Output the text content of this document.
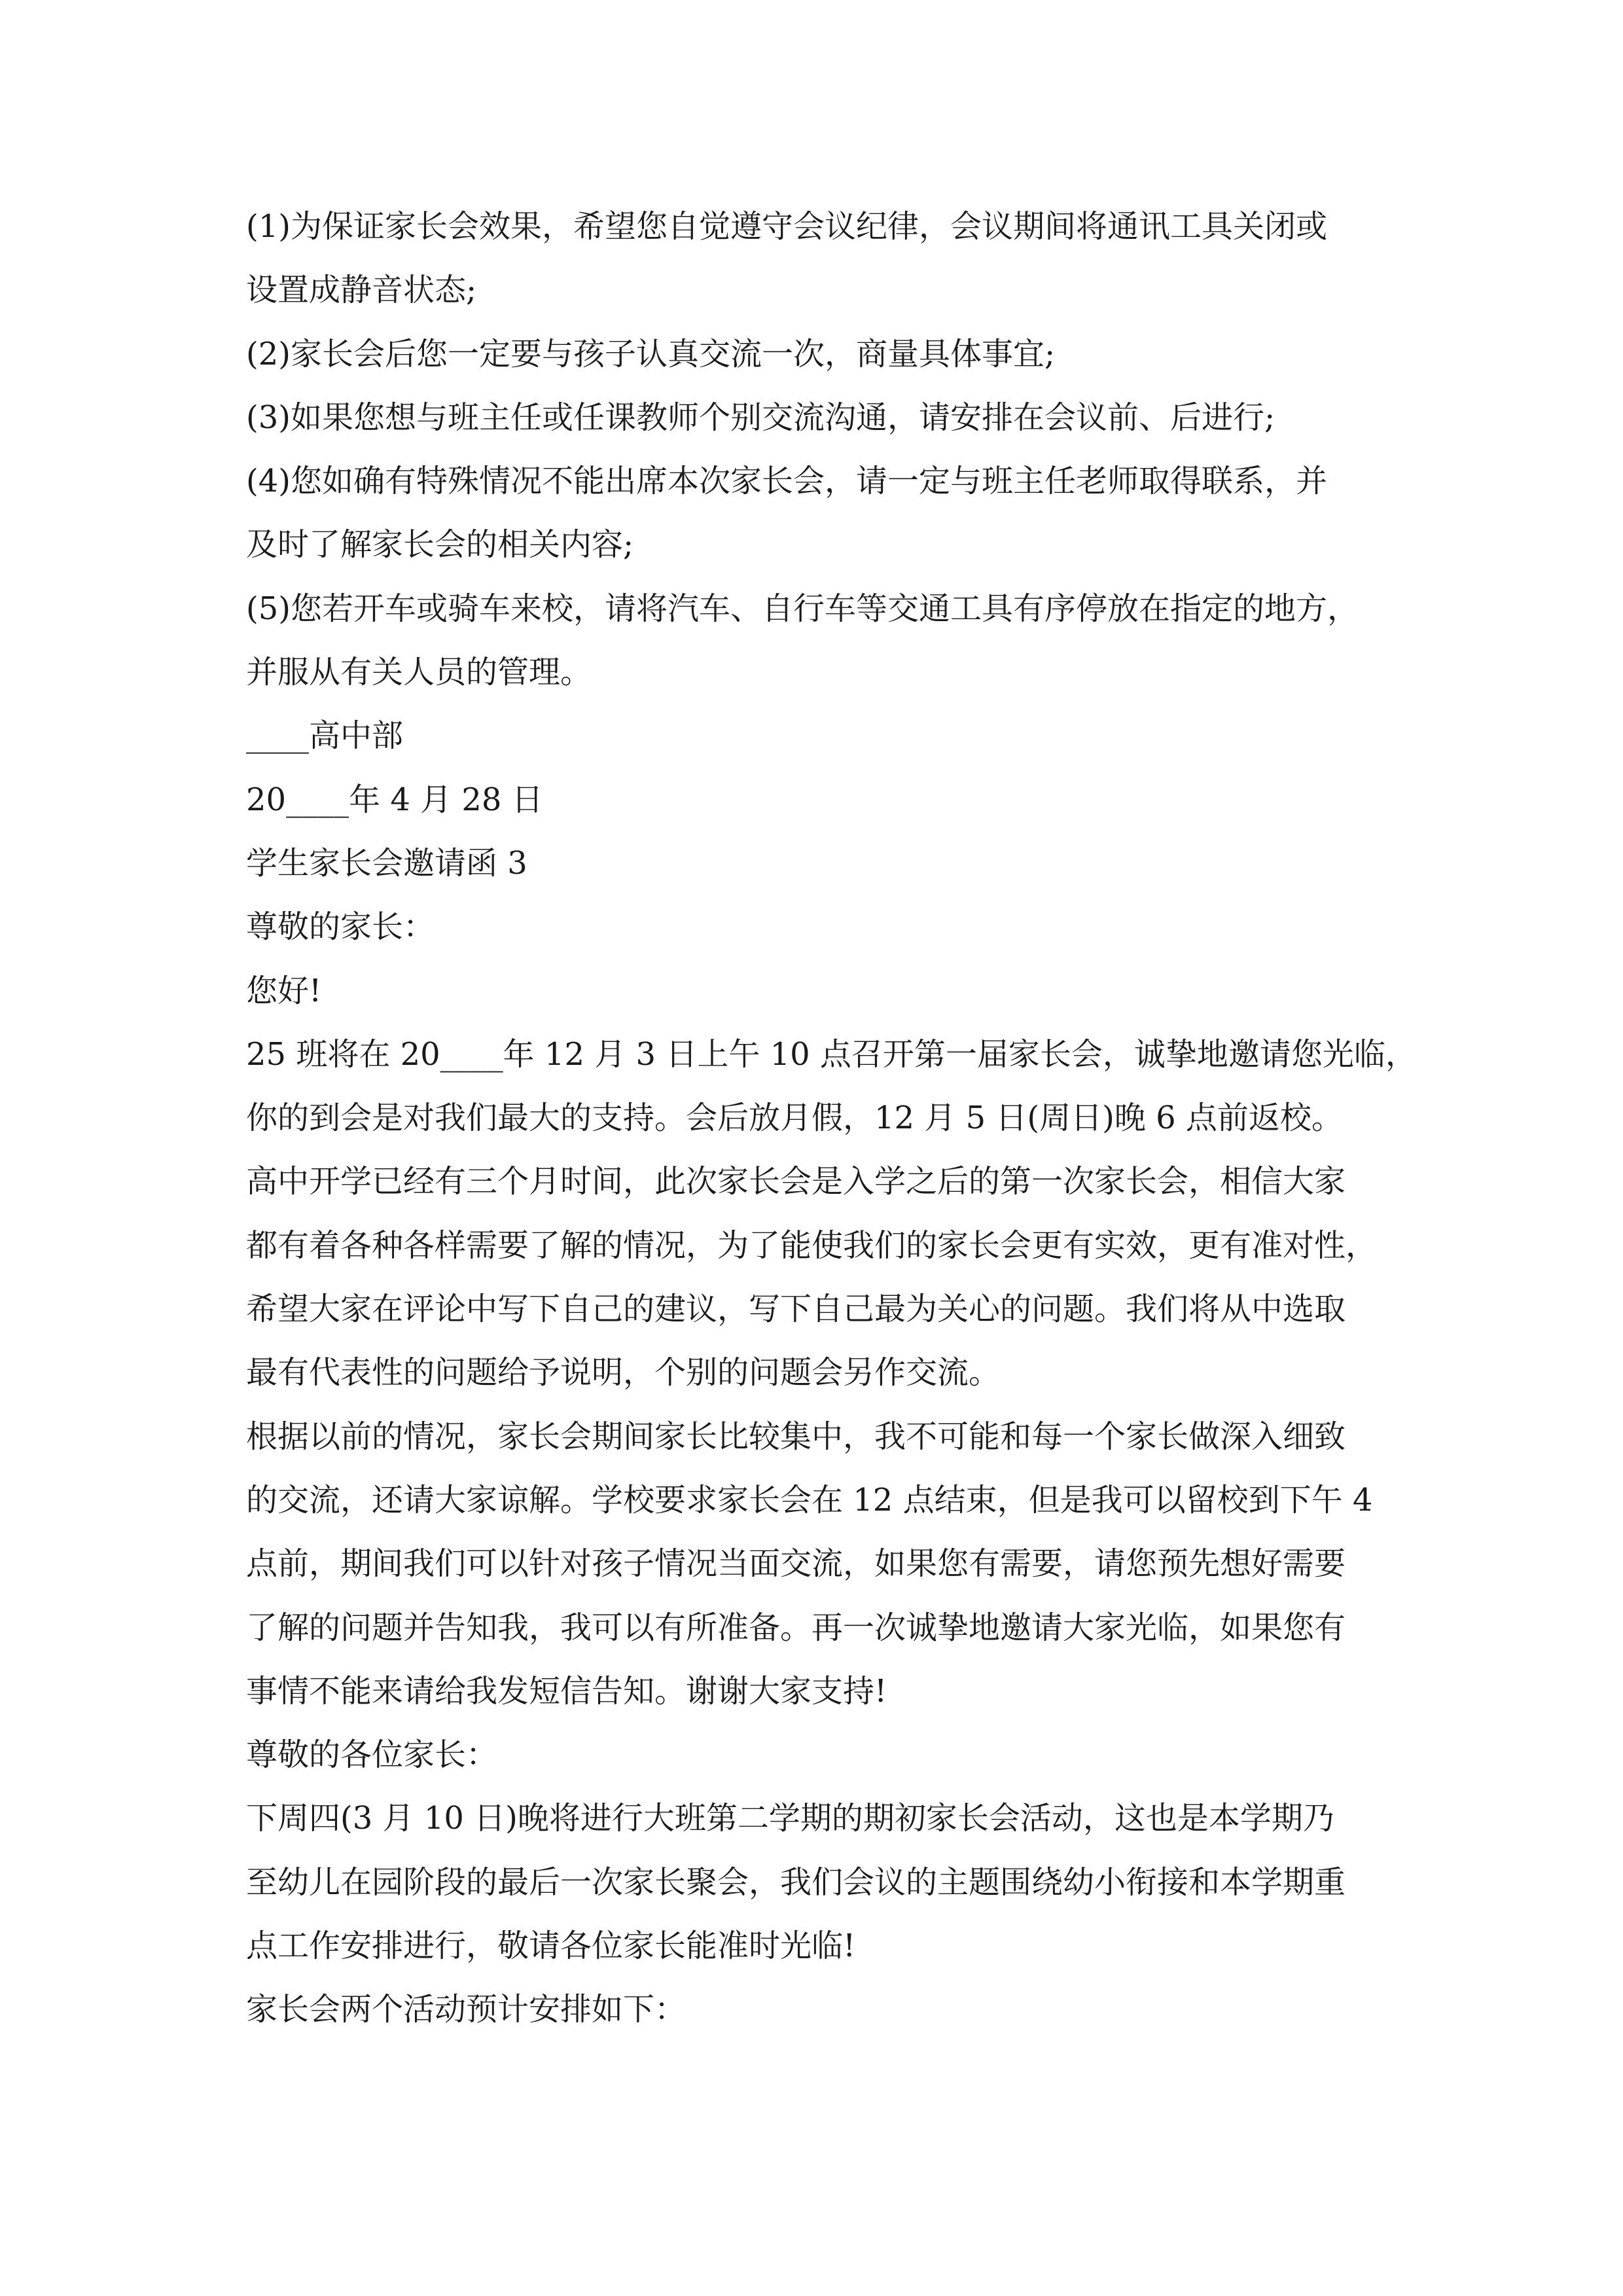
(1)为保证家长会效果，希望您自觉遵守会议纪律，会议期间将通讯工具关闭或
设置成静音状态;
(2)家长会后您一定要与孩子认真交流一次，商量具体事宜;
(3)如果您想与班主任或任课教师个别交流沟通，请安排在会议前、后进行;
(4)您如确有特殊情况不能出席本次家长会，请一定与班主任老师取得联系，并
及时了解家长会的相关内容;
(5)您若开车或骑车来校，请将汽车、自行车等交通工具有序停放在指定的地方，
并服从有关人员的管理。
____高中部
20____年 4 月 28 日
学生家长会邀请函 3
尊敬的家长：
您好!
25 班将在 20____年 12 月 3 日上午 10 点召开第一届家长会，诚挚地邀请您光临，
你的到会是对我们最大的支持。会后放月假，12 月 5 日(周日)晚 6 点前返校。
高中开学已经有三个月时间，此次家长会是入学之后的第一次家长会，相信大家
都有着各种各样需要了解的情况，为了能使我们的家长会更有实效，更有准对性，
希望大家在评论中写下自己的建议，写下自己最为关心的问题。我们将从中选取
最有代表性的问题给予说明，个别的问题会另作交流。
根据以前的情况，家长会期间家长比较集中，我不可能和每一个家长做深入细致
的交流，还请大家谅解。学校要求家长会在 12 点结束，但是我可以留校到下午 4
点前，期间我们可以针对孩子情况当面交流，如果您有需要，请您预先想好需要
了解的问题并告知我，我可以有所准备。再一次诚挚地邀请大家光临，如果您有
事情不能来请给我发短信告知。谢谢大家支持!
尊敬的各位家长：
下周四(3 月 10 日)晚将进行大班第二学期的期初家长会活动，这也是本学期乃
至幼儿在园阶段的最后一次家长聚会，我们会议的主题围绕幼小衔接和本学期重
点工作安排进行，敬请各位家长能准时光临!
家长会两个活动预计安排如下：
